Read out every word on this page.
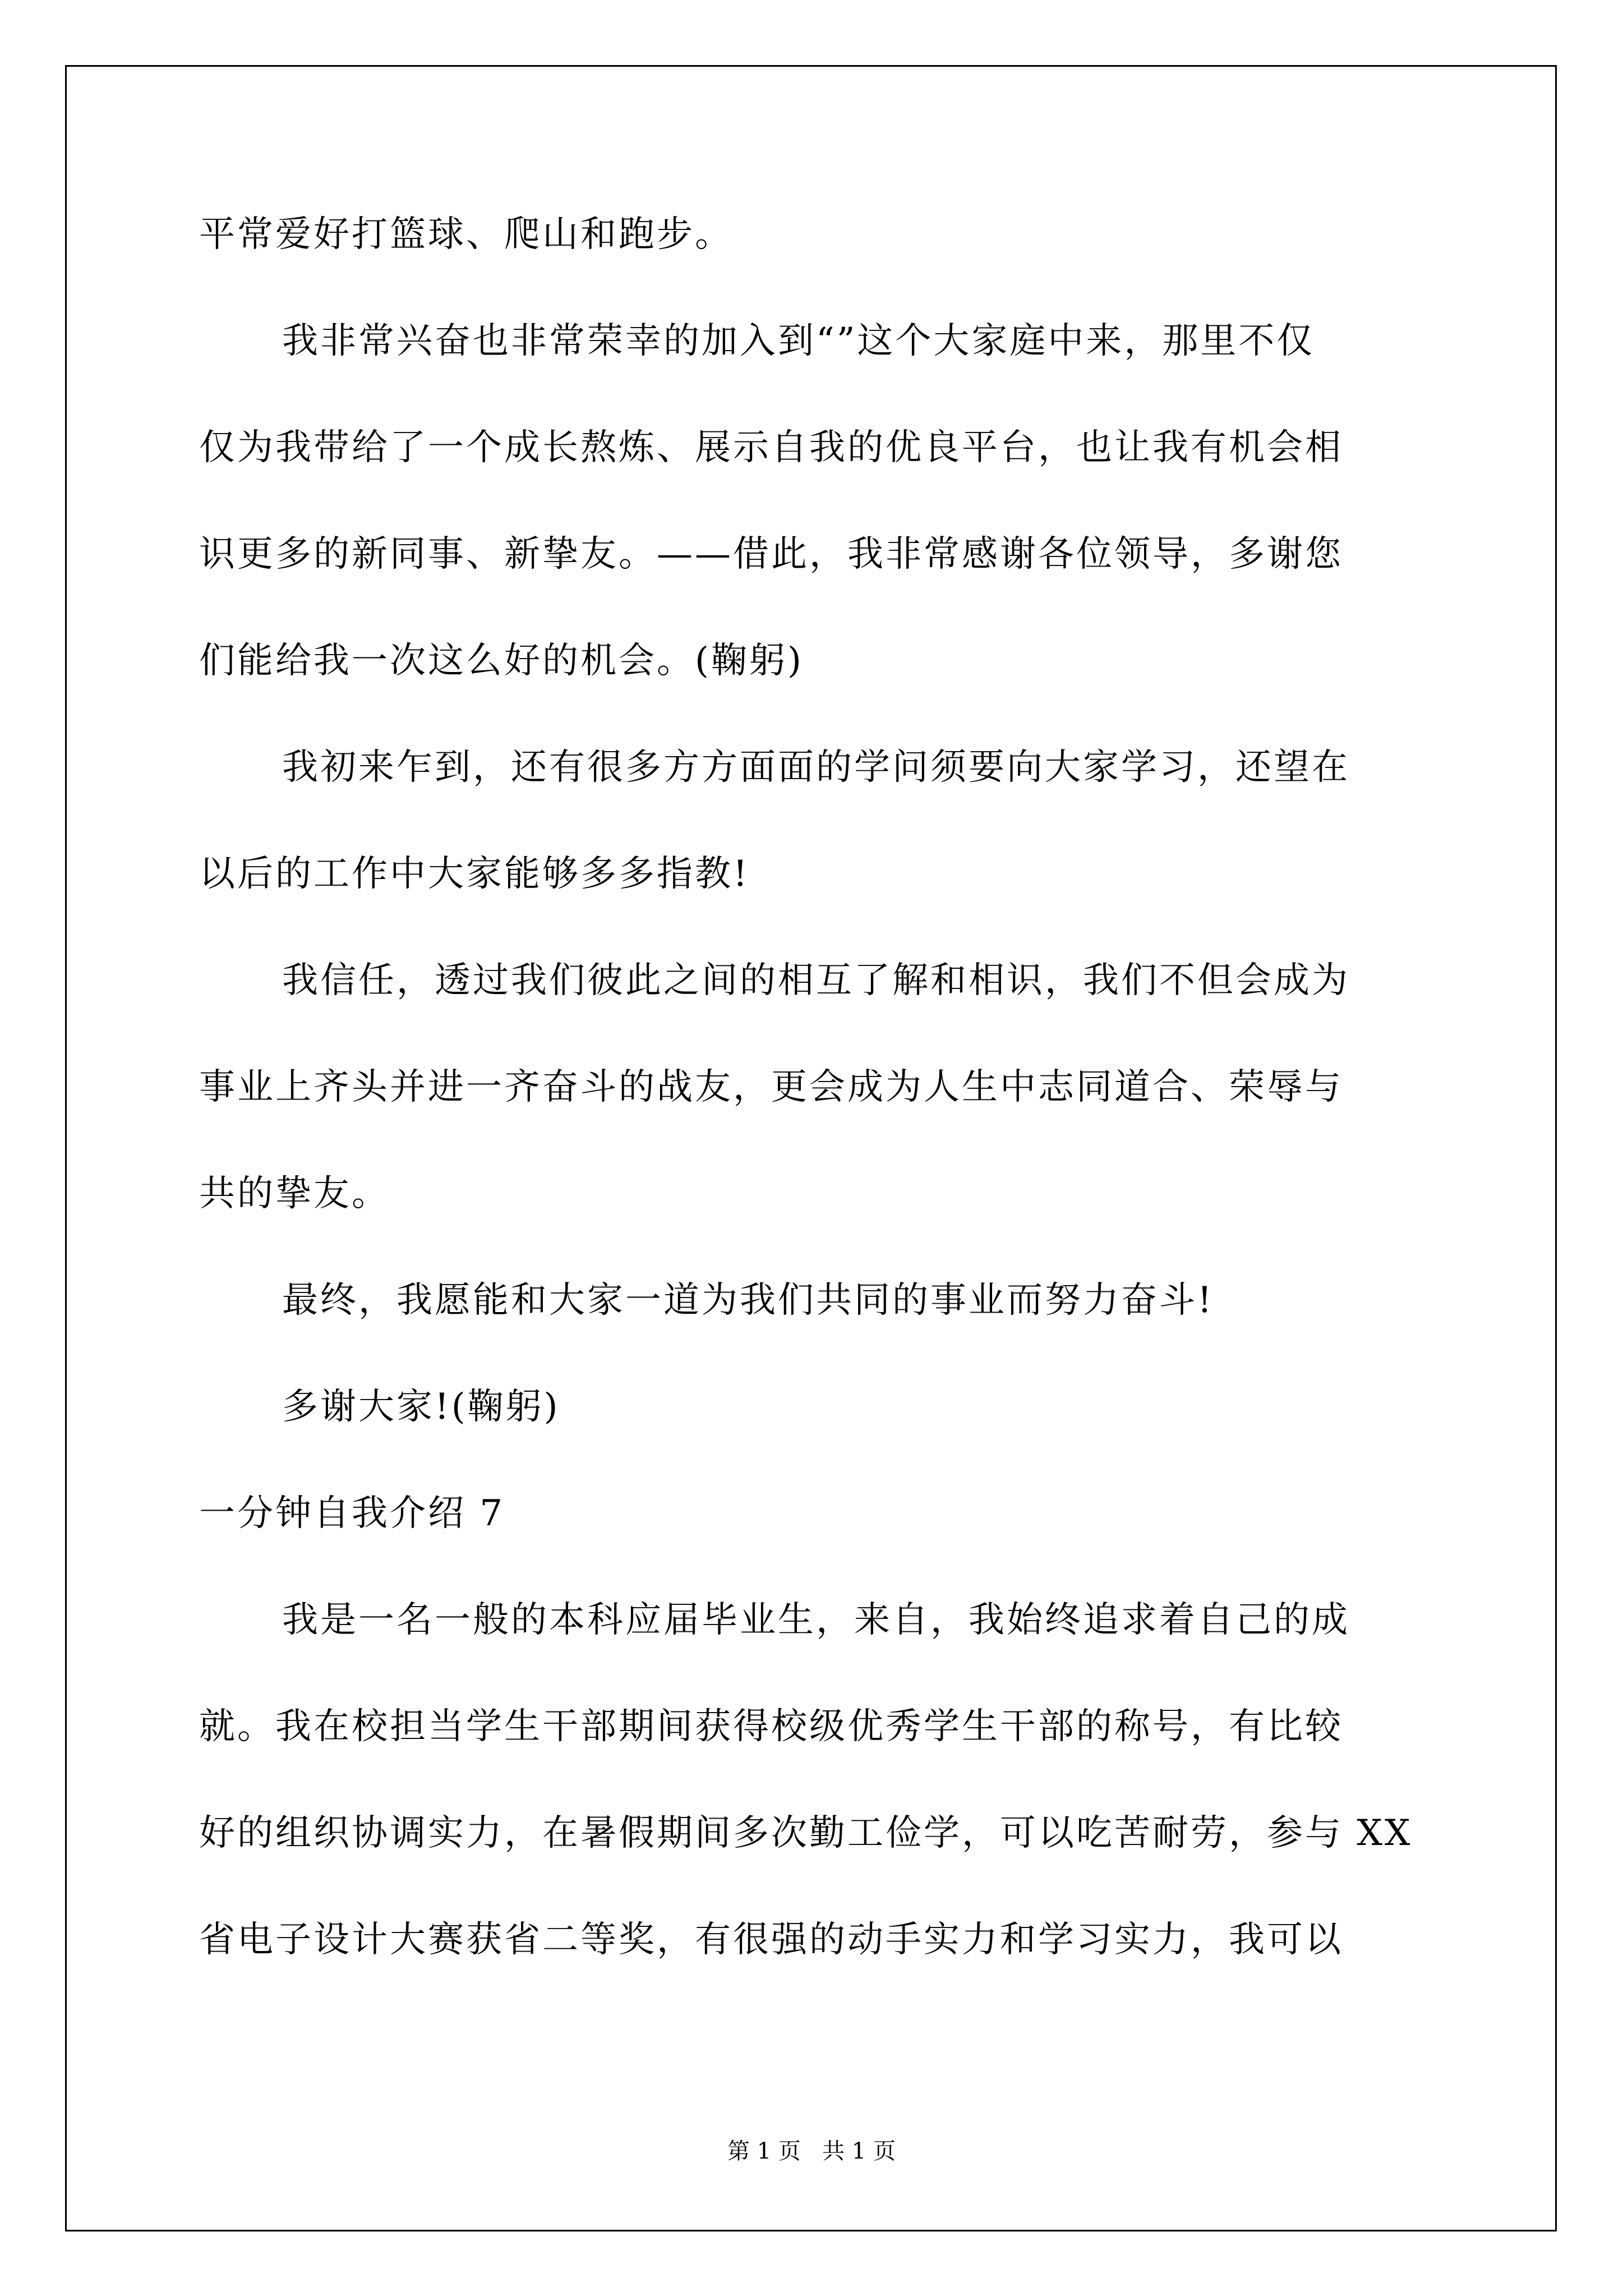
平常爱好打篮球、爬山和跑步。
我非常兴奋也非常荣幸的加入到“”这个大家庭中来，那里不仅
仅为我带给了一个成长熬炼、展示自我的优良平台，也让我有机会相
识更多的新同事、新挚友。——借此，我非常感谢各位领导，多谢您
们能给我一次这么好的机会。(鞠躬)
我初来乍到，还有很多方方面面的学问须要向大家学习，还望在
以后的工作中大家能够多多指教!
我信任，透过我们彼此之间的相互了解和相识，我们不但会成为
事业上齐头并进一齐奋斗的战友，更会成为人生中志同道合、荣辱与
共的挚友。
最终，我愿能和大家一道为我们共同的事业而努力奋斗!
多谢大家!(鞠躬)
一分钟自我介绍 7
我是一名一般的本科应届毕业生，来自，我始终追求着自己的成
就。我在校担当学生干部期间获得校级优秀学生干部的称号，有比较
好的组织协调实力，在暑假期间多次勤工俭学，可以吃苦耐劳，参与 XX
省电子设计大赛获省二等奖，有很强的动手实力和学习实力，我可以
第 1 页   共 1 页
